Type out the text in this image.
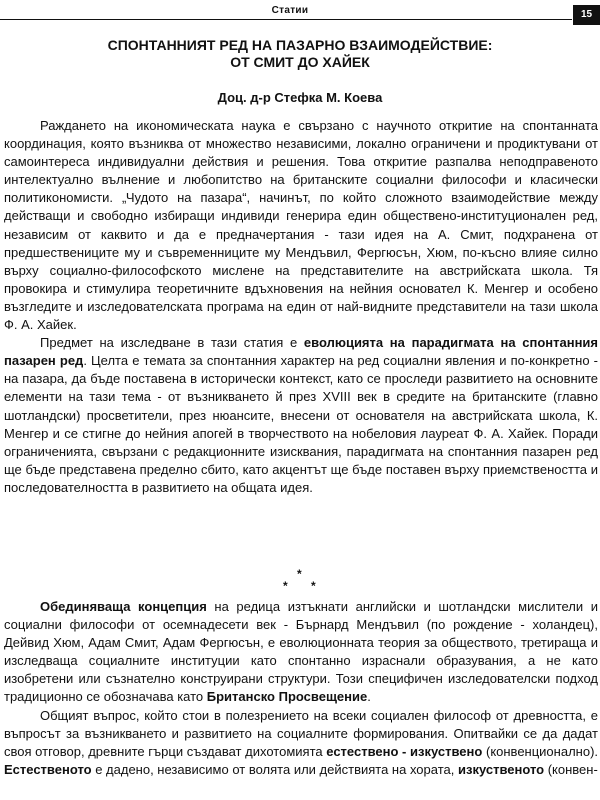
Статии	15
СПОНТАННИЯТ РЕД НА ПАЗАРНО ВЗАИМОДЕЙСТВИЕ:
ОТ СМИТ ДО ХАЙЕК
Доц. д-р Стефка М. Коева

Раждането на икономическата наука е свързано с научното откритие на спонтанната координация, която възниква от множество независими, локално ограничени и продиктувани от самоинтереса индивидуални действия и решения. Това откритие разпалва неподправеното интелектуално вълнение и любопитство на британските социални философи и класически политикономисти. „Чудото на пазара“, начинът, по който сложното взаимодействие между действащи и свободно избиращи индивиди генерира един обществено-институционален ред, независим от каквито и да е предначертания - тази идея на А. Смит, подхранена от предшествениците му и съвременниците му Мендъвил, Фергюсън, Хюм, по-късно влияе силно върху социално-философското мислене на представителите на австрийската школа. Тя провокира и стимулира теоретичните вдъхновения на нейния основател К. Менгер и особено възгледите и изследователската програма на един от най-видните представители на тази школа Ф. А. Хайек.

Предмет на изследване в тази статия е еволюцията на парадигмата на спонтанния пазарен ред. Целта е темата за спонтанния характер на ред социални явления и по-конкретно - на пазара, да бъде поставена в исторически контекст, като се проследи развитието на основните елементи на тази тема - от възникването й през XVIII век в средите на британските (главно шотландски) просветители, през нюансите, внесени от основателя на австрийската школа, К. Менгер и се стигне до нейния апогей в творчеството на нобеловия лауреат Ф. А. Хайек. Поради ограниченията, свързани с редакционните изисквания, парадигмата на спонтанния пазарен ред ще бъде представена пределно сбито, като акцентът ще бъде поставен върху приемствеността и последователността в развитието на общата идея.

*
* *

Обединяваща концепция на редица изтъкнати английски и шотландски мислители и социални философи от осемнадесети век - Бърнард Мендъвил (по рождение - холандец), Дейвид Хюм, Адам Смит, Адам Фергюсън, е еволюционната теория за обществото, третираща и изследваща социалните институции като спонтанно израснали образувания, а не като изобретени или съзнателно конструирани структури. Този специфичен изследователски подход традиционно се обозначава като Британско Просвещение.

Общият въпрос, който стои в полезрението на всеки социален философ от древността, е въпросът за възникването и развитието на социалните формирования. Опитвайки се да дадат своя отговор, древните гърци създават дихотомията естествено - изкуствено (конвенционално). Естественото е дадено, независимо от волята или действията на хората, изкуственото (конвен-
